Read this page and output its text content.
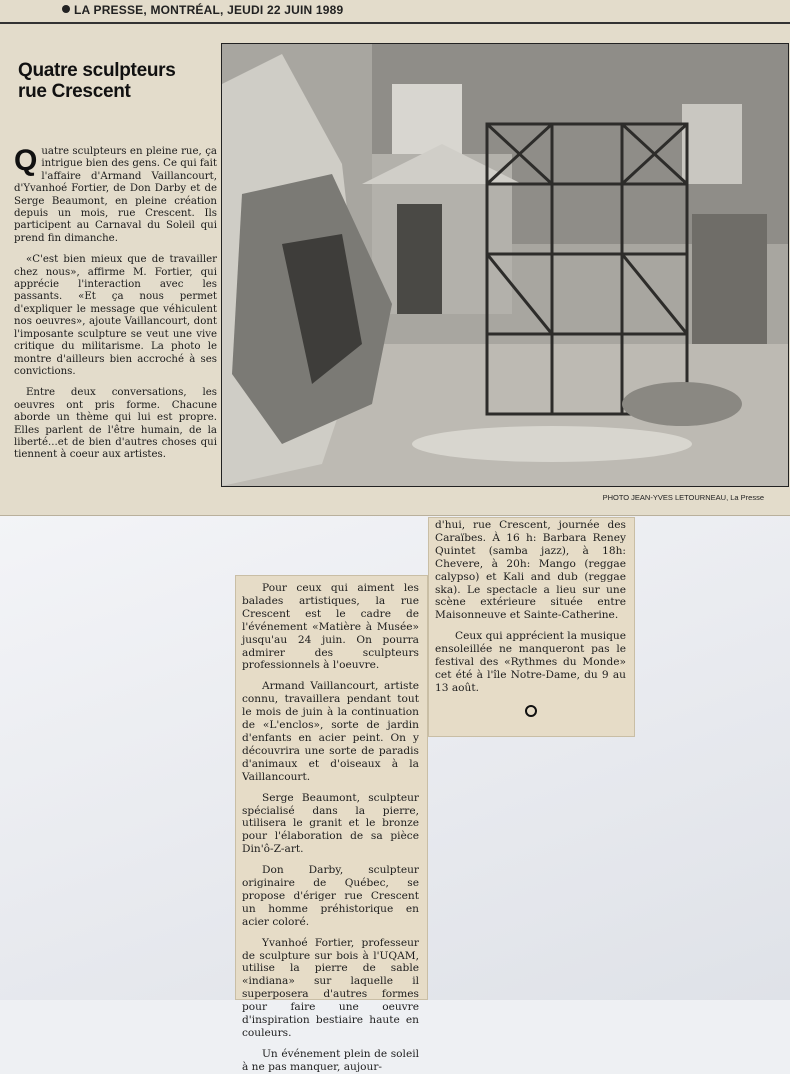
LA PRESSE, MONTRÉAL, JEUDI 22 JUIN 1989
Quatre sculpteurs rue Crescent

Quatre sculpteurs en pleine rue, ça intrigue bien des gens. Ce qui fait l'affaire d'Armand Vaillancourt, d'Yvanhoé Fortier, de Don Darby et de Serge Beaumont, en pleine création depuis un mois, rue Crescent. Ils participent au Carnaval du Soleil qui prend fin dimanche.

«C'est bien mieux que de travailler chez nous», affirme M. Fortier, qui apprécie l'interaction avec les passants. «Et ça nous permet d'expliquer le message que véhiculent nos oeuvres», ajoute Vaillancourt, dont l'imposante sculpture se veut une vive critique du militarisme. La photo le montre d'ailleurs bien accroché à ses convictions.

Entre deux conversations, les oeuvres ont pris forme. Chacune aborde un thème qui lui est propre. Elles parlent de l'être humain, de la liberté...et de bien d'autres choses qui tiennent à coeur aux artistes.

PHOTO JEAN-YVES LETOURNEAU, La Presse

Pour ceux qui aiment les balades artistiques, la rue Crescent est le cadre de l'événement «Matière à Musée» jusqu'au 24 juin. On pourra admirer des sculpteurs professionnels à l'oeuvre.

Armand Vaillancourt, artiste connu, travaillera pendant tout le mois de juin à la continuation de «L'enclos», sorte de jardin d'enfants en acier peint. On y découvrira une sorte de paradis d'animaux et d'oiseaux à la Vaillancourt.

Serge Beaumont, sculpteur spécialisé dans la pierre, utilisera le granit et le bronze pour l'élaboration de sa pièce Din'ô-Z-art.

Don Darby, sculpteur originaire de Québec, se propose d'ériger rue Crescent un homme préhistorique en acier coloré.

Yvanhoé Fortier, professeur de sculpture sur bois à l'UQAM, utilise la pierre de sable «indiana» sur laquelle il superposera d'autres formes pour faire une oeuvre d'inspiration bestiaire haute en couleurs.

Un événement plein de soleil à ne pas manquer, aujour-

d'hui, rue Crescent, journée des Caraïbes. À 16 h: Barbara Reney Quintet (samba jazz), à 18h: Chevere, à 20h: Mango (reggae calypso) et Kali and dub (reggae ska). Le spectacle a lieu sur une scène extérieure située entre Maisonneuve et Sainte-Catherine.

Ceux qui apprécient la musique ensoleillée ne manqueront pas le festival des «Rythmes du Monde» cet été à l'île Notre-Dame, du 9 au 13 août.
